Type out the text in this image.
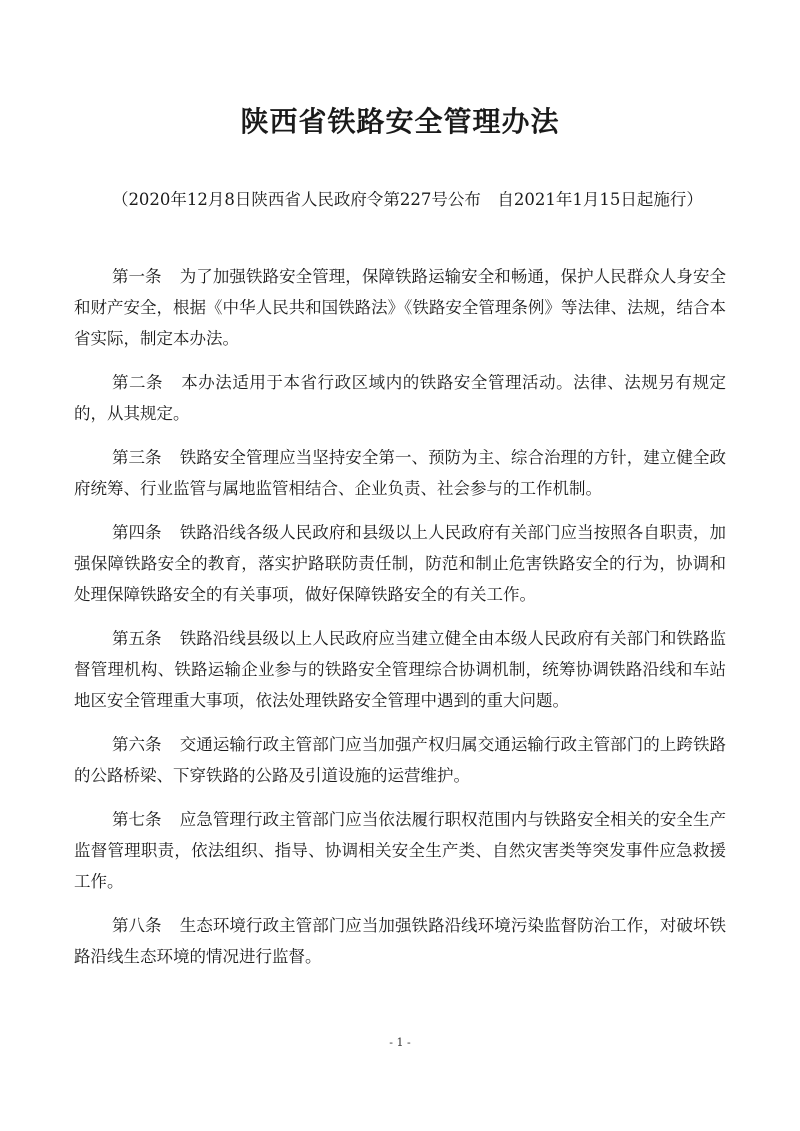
陕西省铁路安全管理办法

（2020年12月8日陕西省人民政府令第227号公布　自2021年1月15日起施行）

第一条 为了加强铁路安全管理，保障铁路运输安全和畅通，保护人民群众人身安全和财产安全，根据《中华人民共和国铁路法》《铁路安全管理条例》等法律、法规，结合本省实际，制定本办法。

第二条 本办法适用于本省行政区域内的铁路安全管理活动。法律、法规另有规定的，从其规定。

第三条 铁路安全管理应当坚持安全第一、预防为主、综合治理的方针，建立健全政府统筹、行业监管与属地监管相结合、企业负责、社会参与的工作机制。

第四条 铁路沿线各级人民政府和县级以上人民政府有关部门应当按照各自职责，加强保障铁路安全的教育，落实护路联防责任制，防范和制止危害铁路安全的行为，协调和处理保障铁路安全的有关事项，做好保障铁路安全的有关工作。

第五条 铁路沿线县级以上人民政府应当建立健全由本级人民政府有关部门和铁路监督管理机构、铁路运输企业参与的铁路安全管理综合协调机制，统筹协调铁路沿线和车站地区安全管理重大事项，依法处理铁路安全管理中遇到的重大问题。

第六条 交通运输行政主管部门应当加强产权归属交通运输行政主管部门的上跨铁路的公路桥梁、下穿铁路的公路及引道设施的运营维护。

第七条 应急管理行政主管部门应当依法履行职权范围内与铁路安全相关的安全生产监督管理职责，依法组织、指导、协调相关安全生产类、自然灾害类等突发事件应急救援工作。

第八条 生态环境行政主管部门应当加强铁路沿线环境污染监督防治工作，对破坏铁路沿线生态环境的情况进行监督。

- 1 -
